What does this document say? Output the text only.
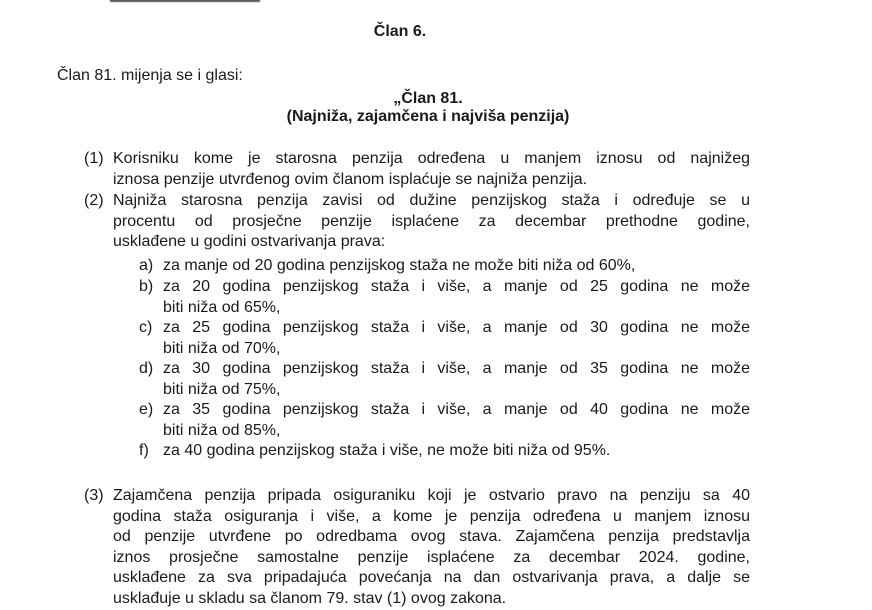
Član 6.
Član 81. mijenja se i glasi:
„Član 81.
(Najniža, zajamčena i najviša penzija)
(1) Korisniku kome je starosna penzija određena u manjem iznosu od najnižeg
iznosa penzije utvrđenog ovim članom isplaćuje se najniža penzija.
(2) Najniža starosna penzija zavisi od dužine penzijskog staža i određuje se u
procentu od prosječne penzije isplaćene za decembar prethodne godine,
usklađene u godini ostvarivanja prava:
a) za manje od 20 godina penzijskog staža ne može biti niža od 60%,
b) za 20 godina penzijskog staža i više, a manje od 25 godina ne može
biti niža od 65%,
c) za 25 godina penzijskog staža i više, a manje od 30 godina ne može
biti niža od 70%,
d) za 30 godina penzijskog staža i više, a manje od 35 godina ne može
biti niža od 75%,
e) za 35 godina penzijskog staža i više, a manje od 40 godina ne može
biti niža od 85%,
f) za 40 godina penzijskog staža i više, ne može biti niža od 95%.
(3) Zajamčena penzija pripada osiguraniku koji je ostvario pravo na penziju sa 40
godina staža osiguranja i više, a kome je penzija određena u manjem iznosu
od penzije utvrđene po odredbama ovog stava. Zajamčena penzija predstavlja
iznos prosječne samostalne penzije isplaćene za decembar 2024. godine,
usklađene za sva pripadajuća povećanja na dan ostvarivanja prava, a dalje se
usklađuje u skladu sa članom 79. stav (1) ovog zakona.
